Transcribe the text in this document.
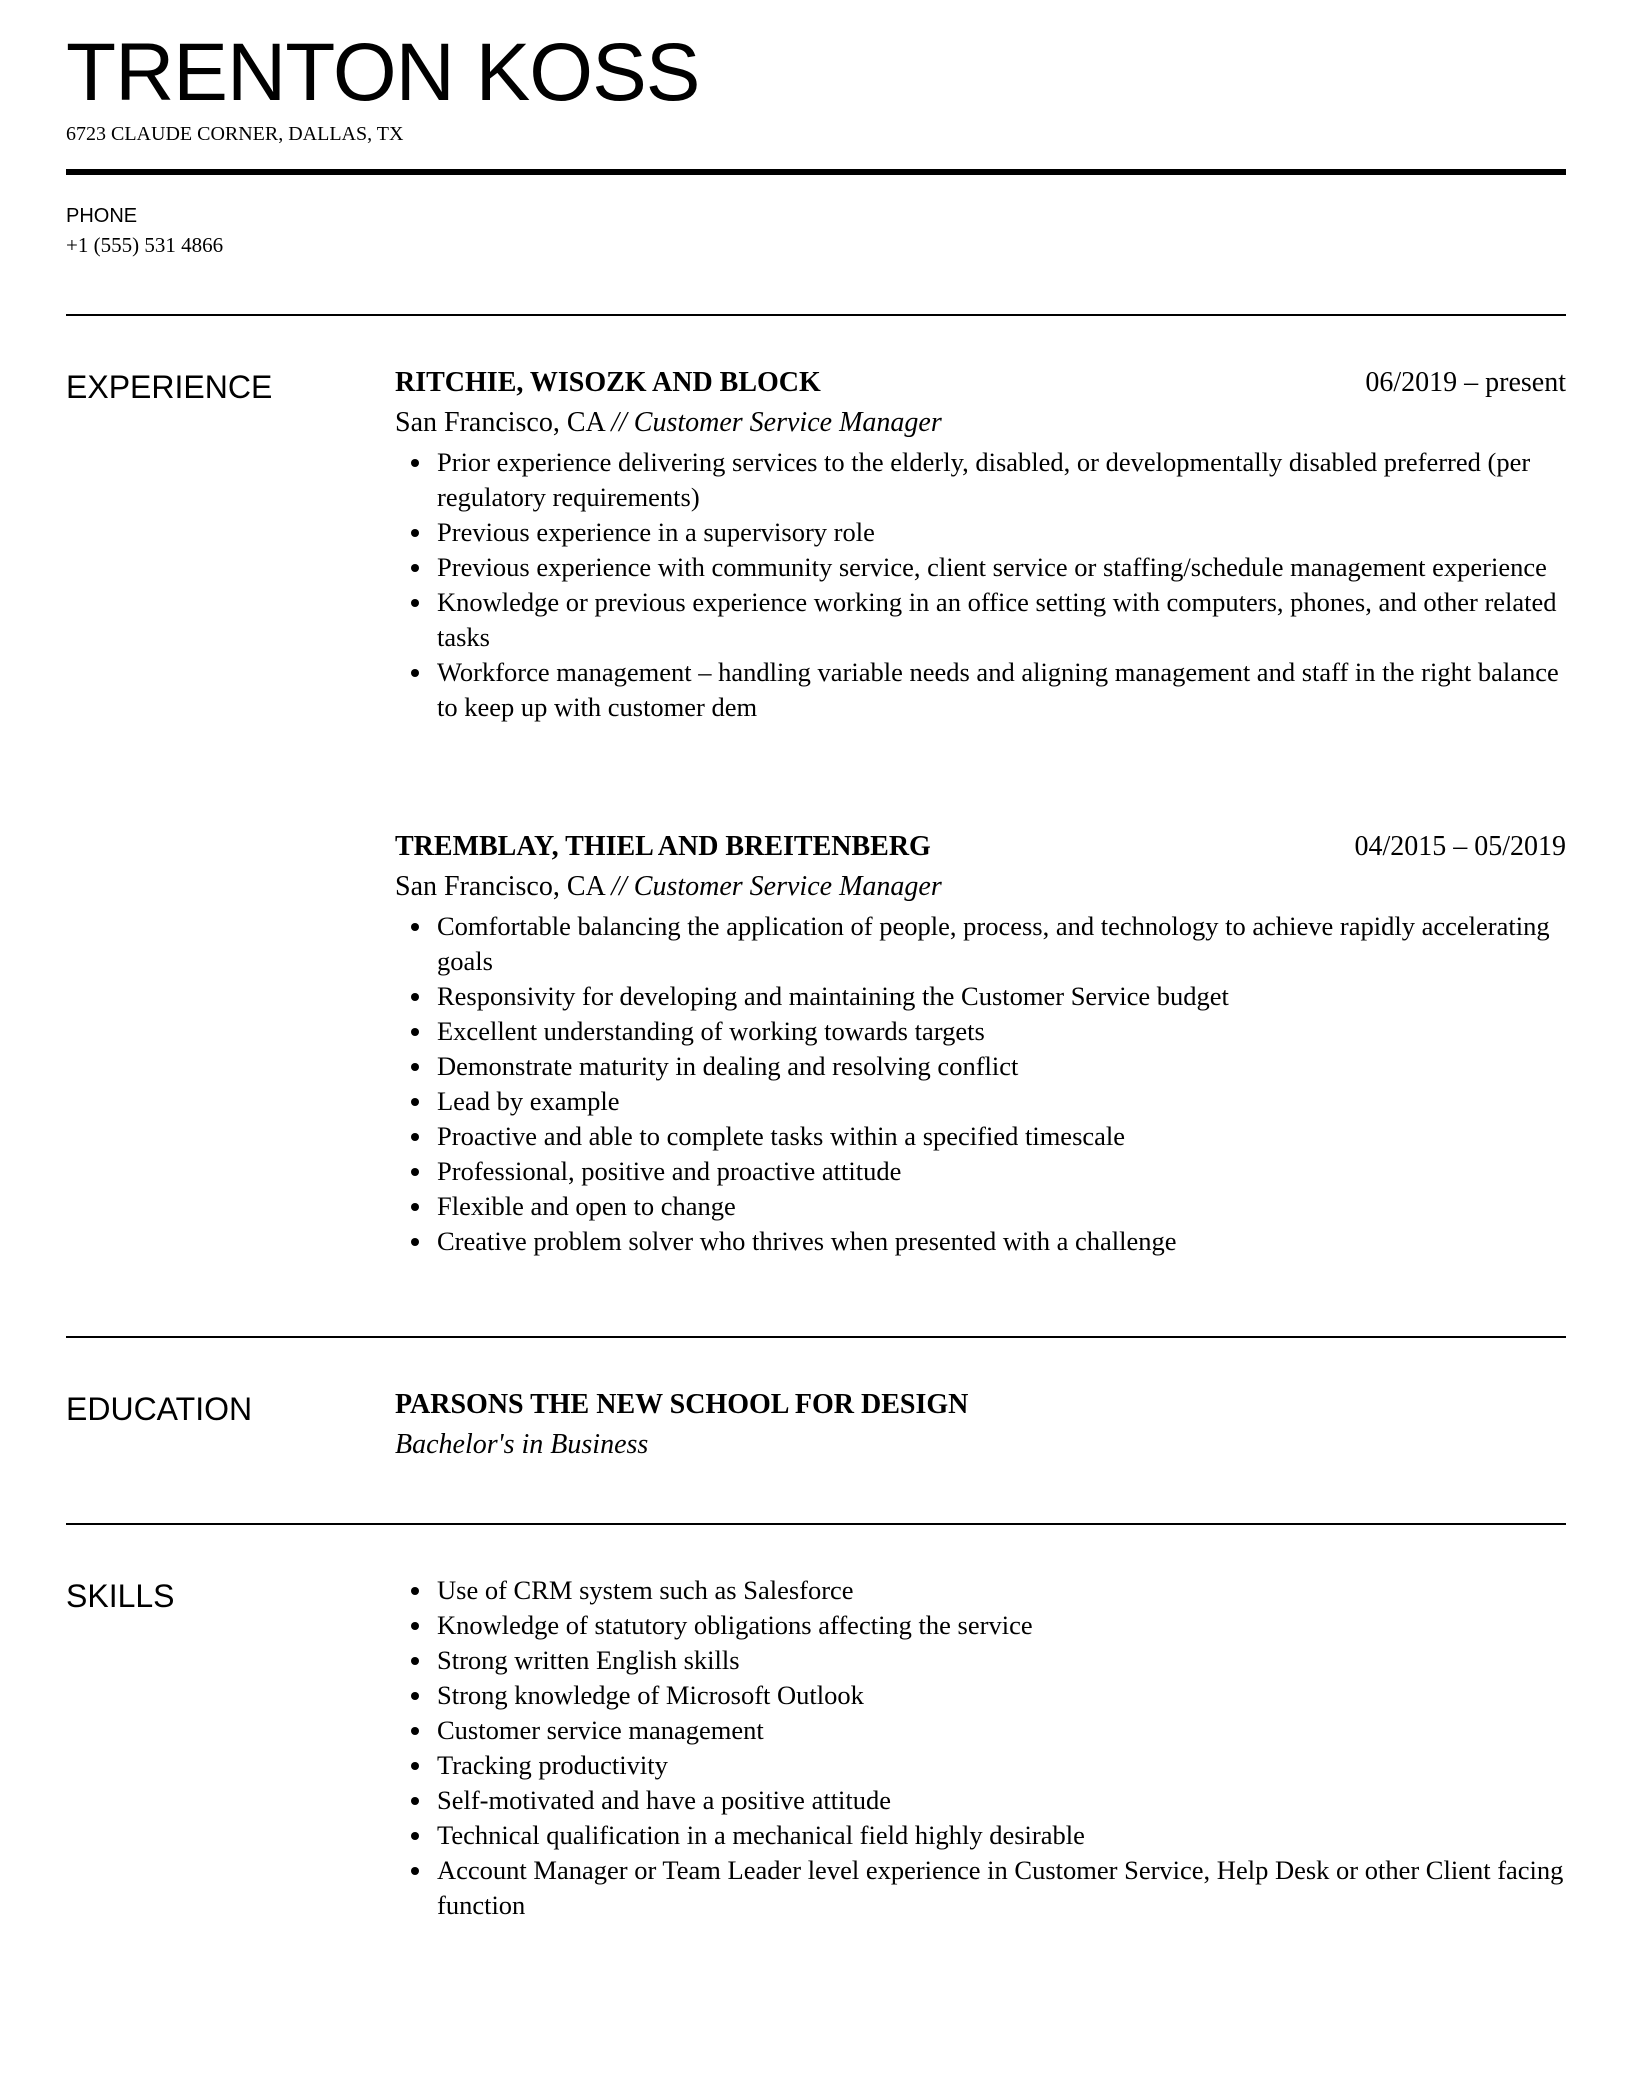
TRENTON KOSS
6723 CLAUDE CORNER, DALLAS, TX
PHONE
+1 (555) 531 4866
EXPERIENCE	RITCHIE, WISOZK AND BLOCK	06/2019 – present
San Francisco, CA // Customer Service Manager
Prior experience delivering services to the elderly, disabled, or developmentally disabled preferred (per regulatory requirements)
Previous experience in a supervisory role
Previous experience with community service, client service or staffing/schedule management experience
Knowledge or previous experience working in an office setting with computers, phones, and other related tasks
Workforce management – handling variable needs and aligning management and staff in the right balance to keep up with customer dem
TREMBLAY, THIEL AND BREITENBERG	04/2015 – 05/2019
San Francisco, CA // Customer Service Manager
Comfortable balancing the application of people, process, and technology to achieve rapidly accelerating goals
Responsivity for developing and maintaining the Customer Service budget
Excellent understanding of working towards targets
Demonstrate maturity in dealing and resolving conflict
Lead by example
Proactive and able to complete tasks within a specified timescale
Professional, positive and proactive attitude
Flexible and open to change
Creative problem solver who thrives when presented with a challenge
EDUCATION	PARSONS THE NEW SCHOOL FOR DESIGN
Bachelor's in Business
SKILLS	Use of CRM system such as Salesforce
Knowledge of statutory obligations affecting the service
Strong written English skills
Strong knowledge of Microsoft Outlook
Customer service management
Tracking productivity
Self-motivated and have a positive attitude
Technical qualification in a mechanical field highly desirable
Account Manager or Team Leader level experience in Customer Service, Help Desk or other Client facing function
